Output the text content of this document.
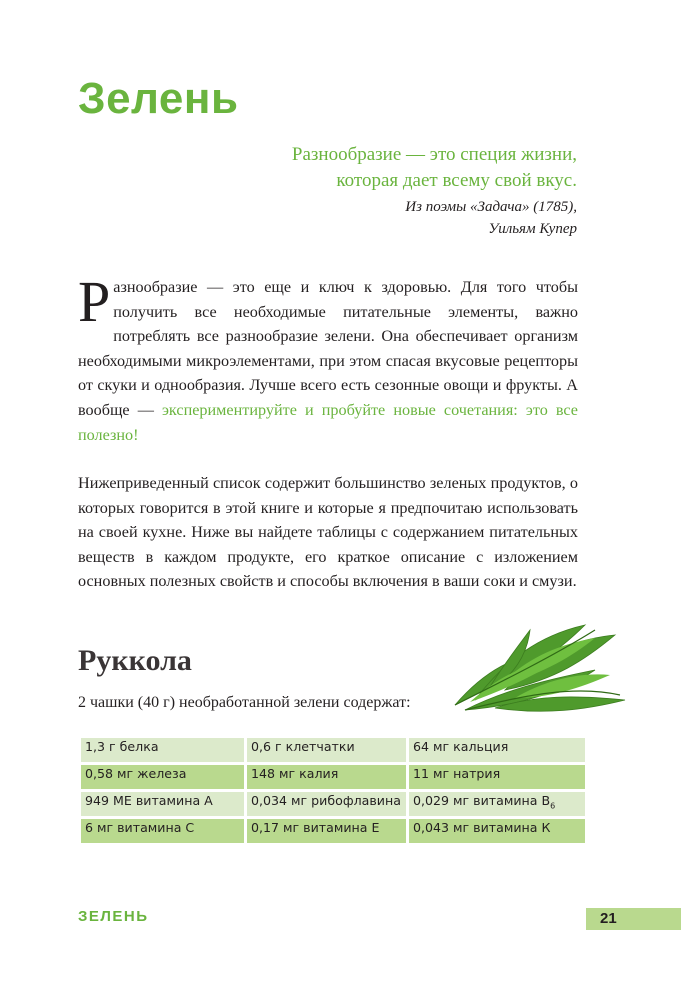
Зелень
Разнообразие — это специя жизни,
которая дает всему свой вкус.
Из поэмы «Задача» (1785),
Уильям Купер
Разнообразие — это еще и ключ к здоровью. Для того чтобы получить все необходимые питательные элементы, важно потреблять все разнообразие зелени. Она обеспечивает организм необходимыми микроэлементами, при этом спасая вкусовые рецепторы от скуки и однообразия. Лучше всего есть сезонные овощи и фрукты. А вообще — экспериментируйте и пробуйте новые сочетания: это все полезно!
Нижеприведенный список содержит большинство зеленых продуктов, о которых говорится в этой книге и которые я предпочитаю использовать на своей кухне. Ниже вы найдете таблицы с содержанием питательных веществ в каждом продукте, его краткое описание с изложением основных полезных свойств и способы включения в ваши соки и смузи.
Руккола
2 чашки (40 г) необработанной зелени содержат:
1,3 г белка	0,6 г клетчатки	64 мг кальция
0,58 мг железа	148 мг калия	11 мг натрия
949 МЕ витамина А	0,034 мг рибофлавина	0,029 мг витамина $B_6$
6 мг витамина С	0,17 мг витамина Е	0,043 мг витамина К
ЗЕЛЕНЬ	21
